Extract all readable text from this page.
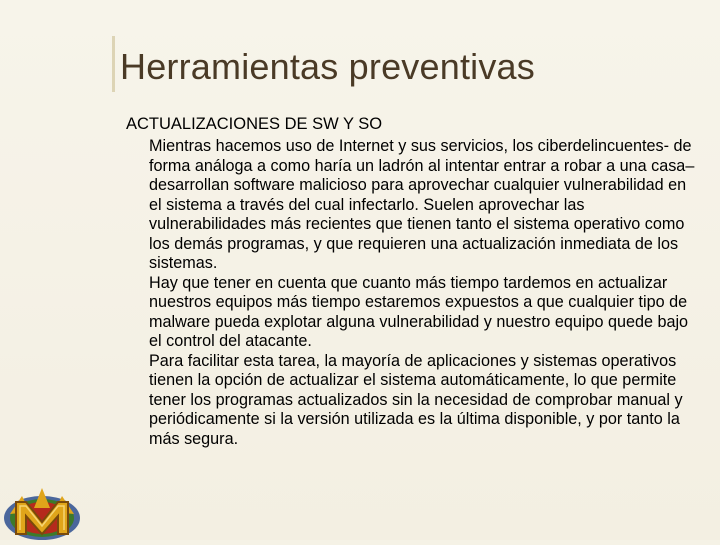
Herramientas preventivas

ACTUALIZACIONES DE SW Y SO

Mientras hacemos uso de Internet y sus servicios, los ciberdelincuentes- de forma análoga a como haría un ladrón al intentar entrar a robar a una casa– desarrollan software malicioso para aprovechar cualquier vulnerabilidad en el sistema a través del cual infectarlo. Suelen aprovechar las vulnerabilidades más recientes que tienen tanto el sistema operativo como los demás programas, y que requieren una actualización inmediata de los sistemas.

Hay que tener en cuenta que cuanto más tiempo tardemos en actualizar nuestros equipos más tiempo estaremos expuestos a que cualquier tipo de malware pueda explotar alguna vulnerabilidad y nuestro equipo quede bajo el control del atacante.

Para facilitar esta tarea, la mayoría de aplicaciones y sistemas operativos tienen la opción de actualizar el sistema automáticamente, lo que permite tener los programas actualizados sin la necesidad de comprobar manual y periódicamente si la versión utilizada es la última disponible, y por tanto la más segura.
